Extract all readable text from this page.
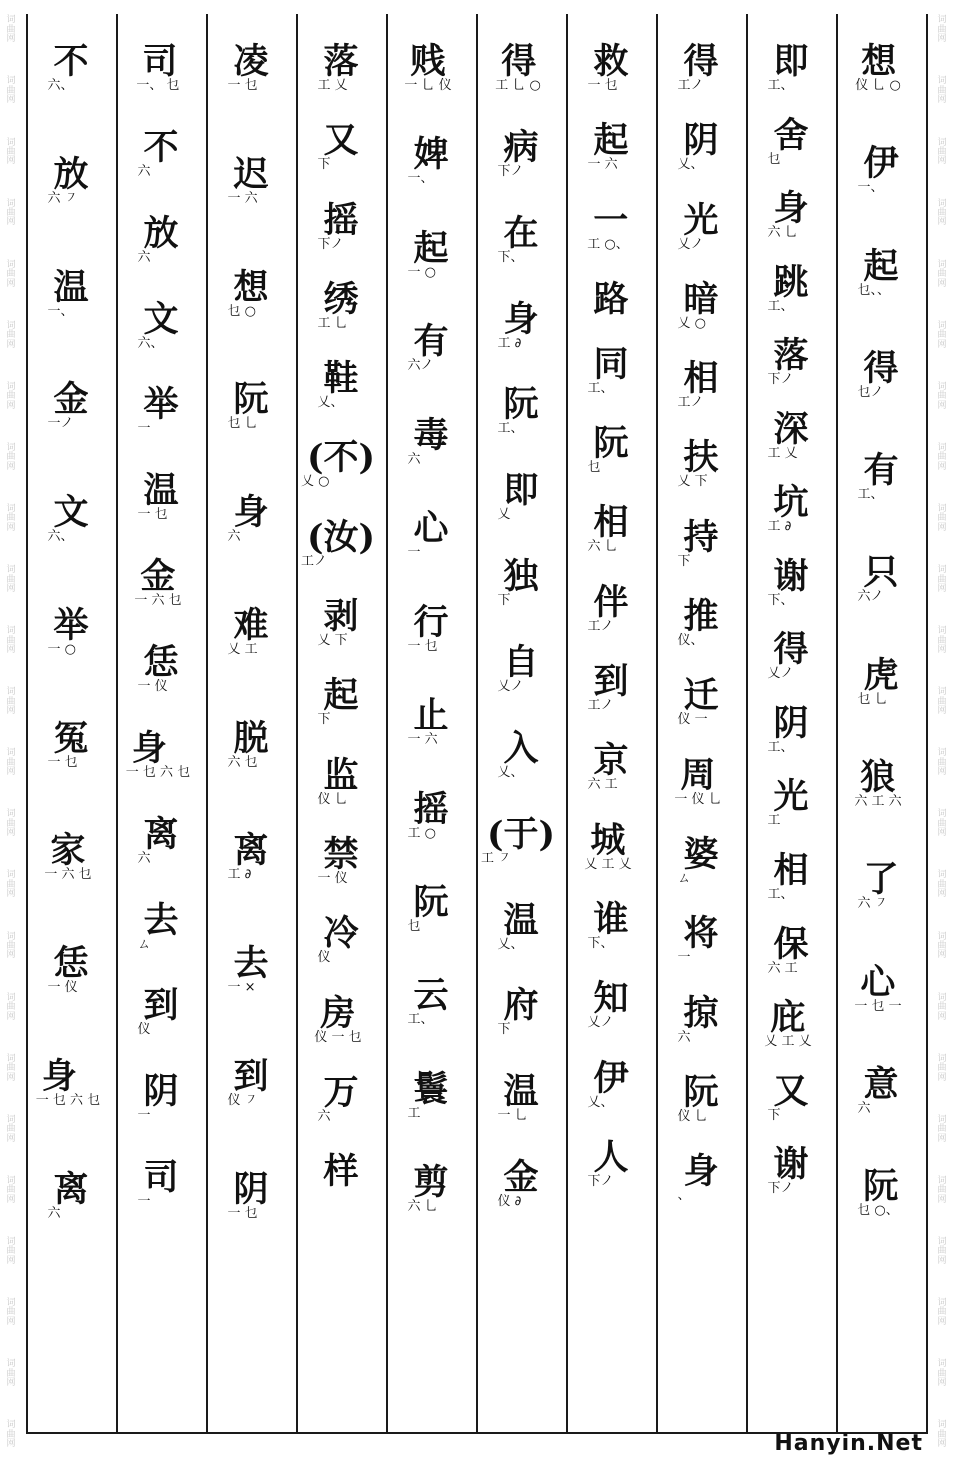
词
曲
网
词
曲
网
词
曲
网
词
曲
网
词
曲
网
词
曲
网
词
曲
网
词
曲
网
词
曲
网
词
曲
网
词
曲
网
词
曲
网
词
曲
网
词
曲
网
词
曲
网
词
曲
网
词
曲
网
词
曲
网
词
曲
网
词
曲
网
词
曲
网
词
曲
网
词
曲
网
词
曲
网
词
曲
网
词
曲
网
词
曲
网
词
曲
网
词
曲
网
词
曲
网
词
曲
网
词
曲
网
词
曲
网
词
曲
网
词
曲
网
词
曲
网
词
曲
网
词
曲
网
词
曲
网
词
曲
网
词
曲
网
词
曲
网
词
曲
网
词
曲
网
词
曲
网
词
曲
网
词
曲
网
词
曲
网
想
仪 乚 ○
伊
一、
起
乜、、
得
乜ノ
有
工、
只
六ノ
虎
乜 乚
狼
六 工 六
了
六 ㇇
心
一 乜 一
意
六
阮
乜 ○、
即
工、
舍
乜
身
六 乚
跳
工、
落
下ノ
深
工 乂
坑
工 ∂
谢
下、
得
乂ノ
阴
工、
光
工
相
工、
保
六 工
庇
乂 工 乂
又
下
谢
下ノ
得
工ノ
阴
乂、
光
乂ノ
暗
乂 ○
相
工ノ
扶
乂 下
持
下
推
仪、
迁
仪 一
周
一 仪 乚
婆
ㄙ
将
一
掠
六
阮
仪 乚
身
、
救
一 乜
起
一 六
一
工 ○、
路
同
工、
阮
乜
相
六 乚
伴
工ノ
到
工ノ
京
六 工
城
乂 工 乂
谁
下、
知
乂ノ
伊
乂、
人
下ノ
得
工 乚 ○
病
下ノ
在
下、
身
工 ∂
阮
工、
即
乂
独
下
自
乂ノ
入
乂、
(于)
工 ㇇
温
乂、
府
下
温
一 乚
金
仪 ∂
贱
一 乚 仪
婢
一、
起
一 ○
有
六ノ
毒
六
心
一
行
一 乜
止
一 六
摇
工 ○
阮
乜
云
工、
鬟
工
剪
六 乚
落
工 乂
又
下
摇
下ノ
绣
工 乚
鞋
乂、
(不)
乂 ○
(汝)
工ノ
剥
乂 下
起
下
监
仪 乚
禁
一 仪
冷
仪
房
仪 一 乜
万
六
样
凌
一 乜
迟
一 六
想
乜 ○
阮
乜 乚
身
六
难
乂 工
脱
六 乜
离
工 ∂
去
一 ×
到
仪 ㇇
阴
一 乜
司
一、 乜
不
六
放
六
文
六、
举
一
温
一 乜
金
一 六 乜
恁
一 仪
身
一 乜 六 乜
离
六
去
ㄙ
到
仪
阴
一
司
一
不
六、
放
六 ㇇
温
一、
金
一ノ
文
六、
举
一 ○
冤
一 乜
家
一 六 乜
恁
一 仪
身
一 乜 六 乜
离
六
Hanyin.Net
